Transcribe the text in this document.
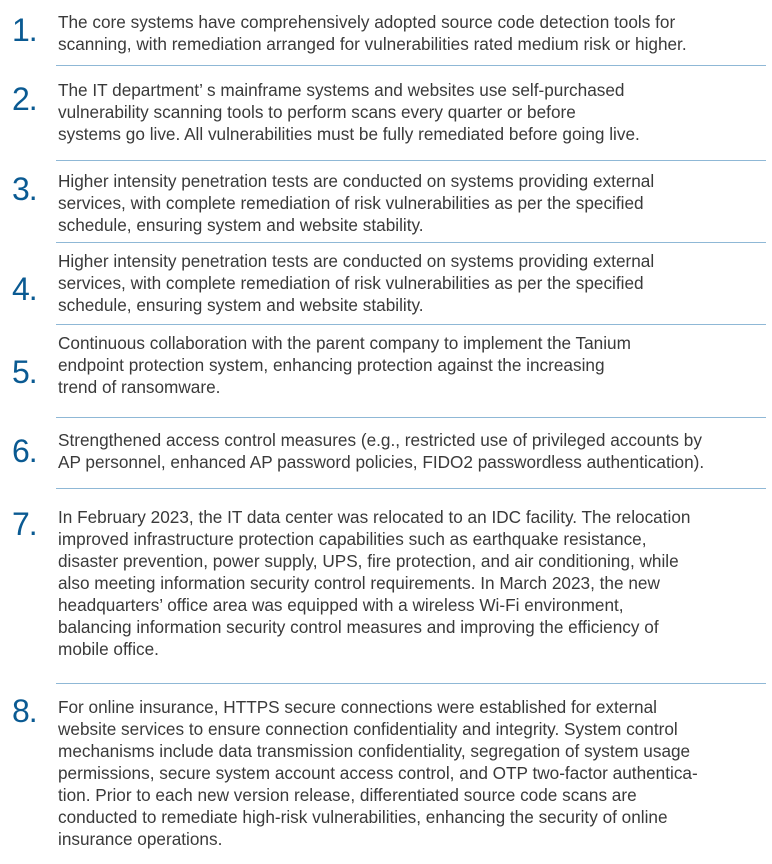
1. The core systems have comprehensively adopted source code detection tools for
scanning, with remediation arranged for vulnerabilities rated medium risk or higher.
2. The IT department’ s mainframe systems and websites use self-purchased
vulnerability scanning tools to perform scans every quarter or before
systems go live. All vulnerabilities must be fully remediated before going live.
3. Higher intensity penetration tests are conducted on systems providing external
services, with complete remediation of risk vulnerabilities as per the specified
schedule, ensuring system and website stability.
4.
Higher intensity penetration tests are conducted on systems providing external
services, with complete remediation of risk vulnerabilities as per the specified
schedule, ensuring system and website stability.
5.
Continuous collaboration with the parent company to implement the Tanium
endpoint protection system, enhancing protection against the increasing
trend of ransomware.
6. Strengthened access control measures (e.g., restricted use of privileged accounts by
AP personnel, enhanced AP password policies, FIDO2 passwordless authentication).
7. In February 2023, the IT data center was relocated to an IDC facility. The relocation
improved infrastructure protection capabilities such as earthquake resistance,
disaster prevention, power supply, UPS, fire protection, and air conditioning, while
also meeting information security control requirements. In March 2023, the new
headquarters’ office area was equipped with a wireless Wi-Fi environment,
balancing information security control measures and improving the efficiency of
mobile office.
8. For online insurance, HTTPS secure connections were established for external
website services to ensure connection confidentiality and integrity. System control
mechanisms include data transmission confidentiality, segregation of system usage
permissions, secure system account access control, and OTP two-factor authentica-
tion. Prior to each new version release, differentiated source code scans are
conducted to remediate high-risk vulnerabilities, enhancing the security of online
insurance operations.
